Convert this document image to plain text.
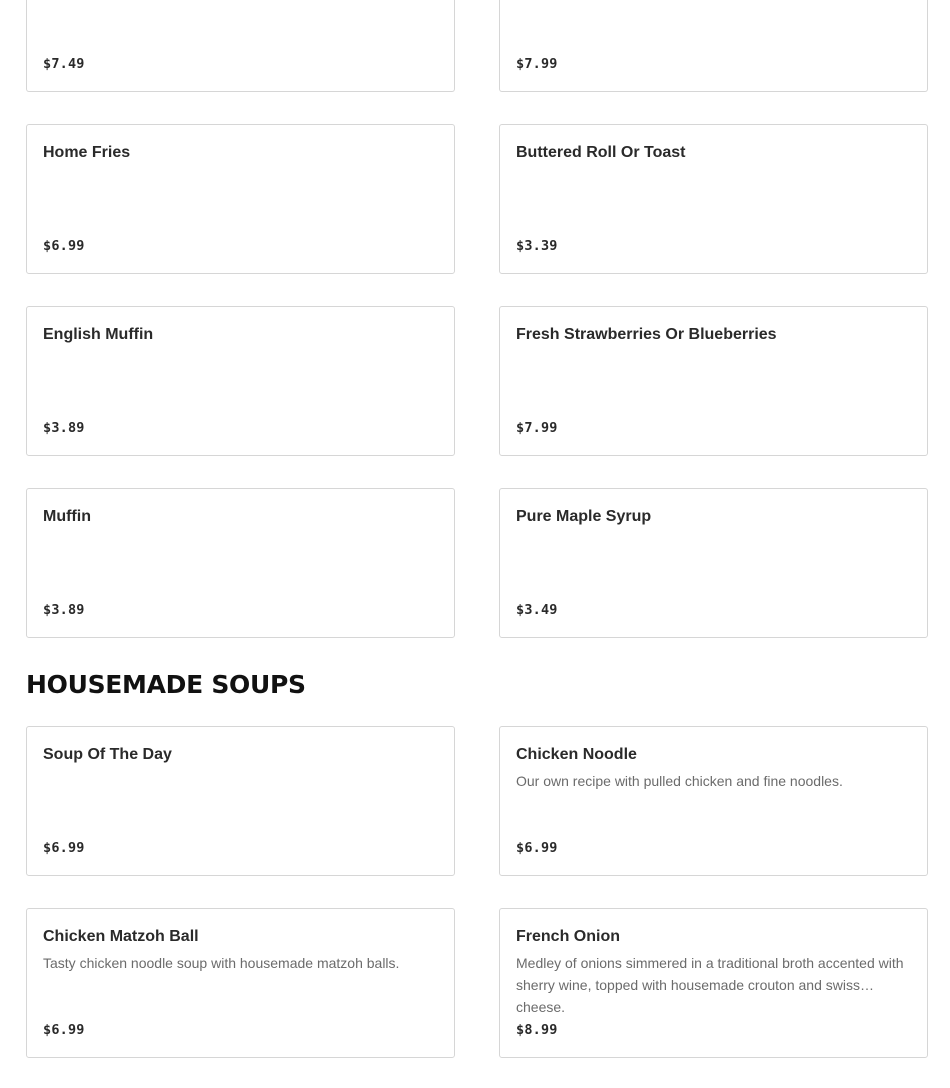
$7.49	$7.99
Home Fries
$6.99
Buttered Roll Or Toast
$3.39
English Muffin
$3.89
Fresh Strawberries Or Blueberries
$7.99
Muffin
$3.89
Pure Maple Syrup
$3.49
HOUSEMADE SOUPS
Soup Of The Day
$6.99
Chicken Noodle
Our own recipe with pulled chicken and fine noodles.
$6.99
Chicken Matzoh Ball
Tasty chicken noodle soup with housemade matzoh balls.
$6.99
French Onion
Medley of onions simmered in a traditional broth accented with sherry wine, topped with housemade crouton and swiss cheese.
$8.99
